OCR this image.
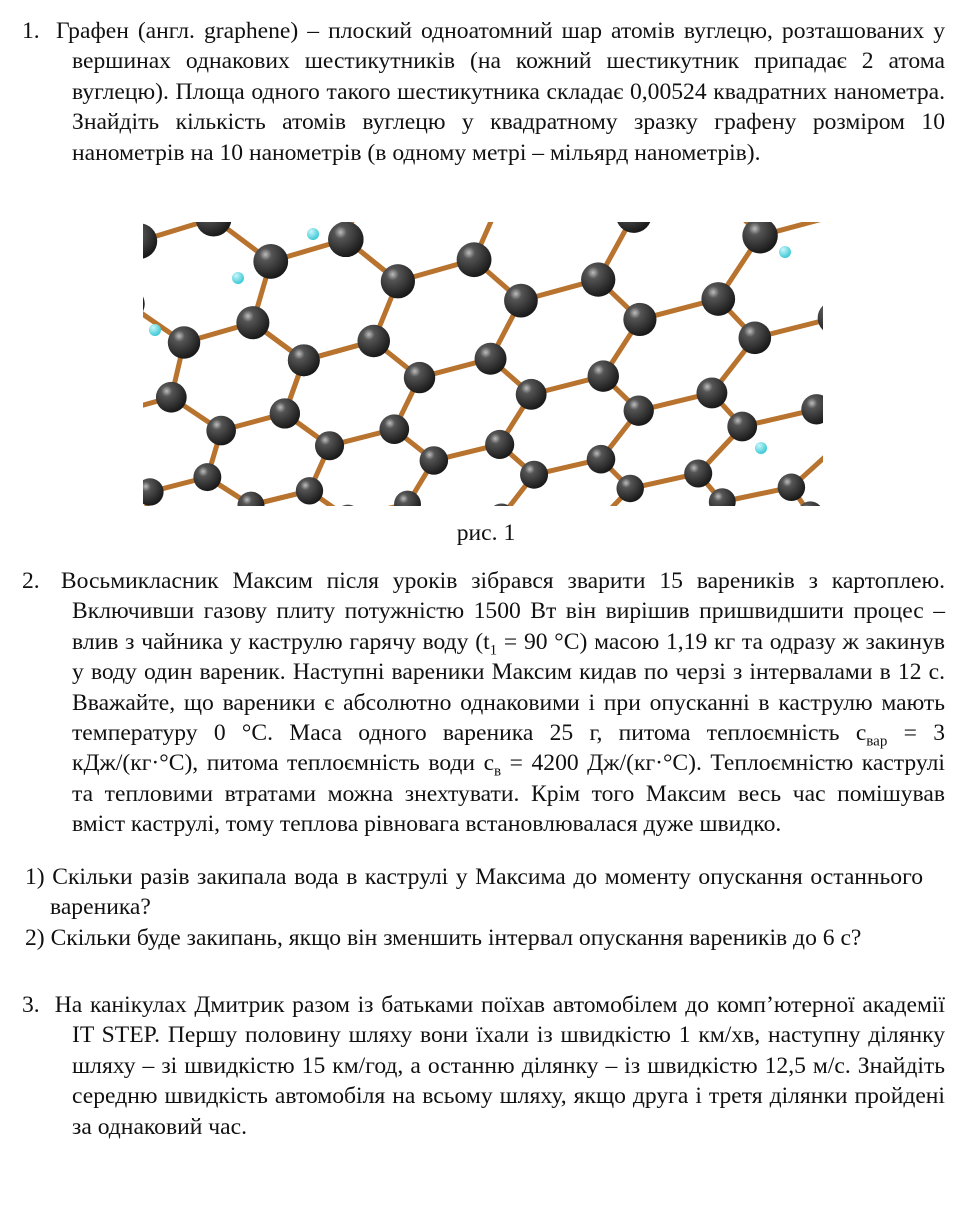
1. Графен (англ. graphene) – плоский одноатомний шар атомів вуглецю, розташованих у вершинах однакових шестикутників (на кожний шестикутник припадає 2 атома вуглецю). Площа одного такого шестикутника складає 0,00524 квадратних нанометра. Знайдіть кількість атомів вуглецю у квадратному зразку графену розміром 10 нанометрів на 10 нанометрів (в одному метрі – мільярд нанометрів).
рис. 1
2. Восьмикласник Максим після уроків зібрався зварити 15 вареників з картоплею. Включивши газову плиту потужністю 1500 Вт він вирішив пришвидшити процес – влив з чайника у каструлю гарячу воду ($t_1 = 90$ °C) масою 1,19 кг та одразу ж закинув у воду один вареник. Наступні вареники Максим кидав по черзі з інтервалами в 12 с. Вважайте, що вареники є абсолютно однаковими і при опусканні в каструлю мають температуру 0 °С. Маса одного вареника 25 г, питома теплоємність $c_{вар} = 3$ кДж/(кг·°С), питома теплоємність води $c_в = 4200$ Дж/(кг·°С). Теплоємністю каструлі та тепловими втратами можна знехтувати. Крім того Максим весь час помішував вміст каструлі, тому теплова рівновага встановлювалася дуже швидко.
1) Скільки разів закипала вода в каструлі у Максима до моменту опускання останнього вареника?
2) Скільки буде закипань, якщо він зменшить інтервал опускання вареників до 6 с?
3. На канікулах Дмитрик разом із батьками поїхав автомобілем до комп’ютерної академії IT STEP. Першу половину шляху вони їхали із швидкістю 1 км/хв, наступну ділянку шляху – зі швидкістю 15 км/год, а останню ділянку – із швидкістю 12,5 м/с. Знайдіть середню швидкість автомобіля на всьому шляху, якщо друга і третя ділянки пройдені за однаковий час.
